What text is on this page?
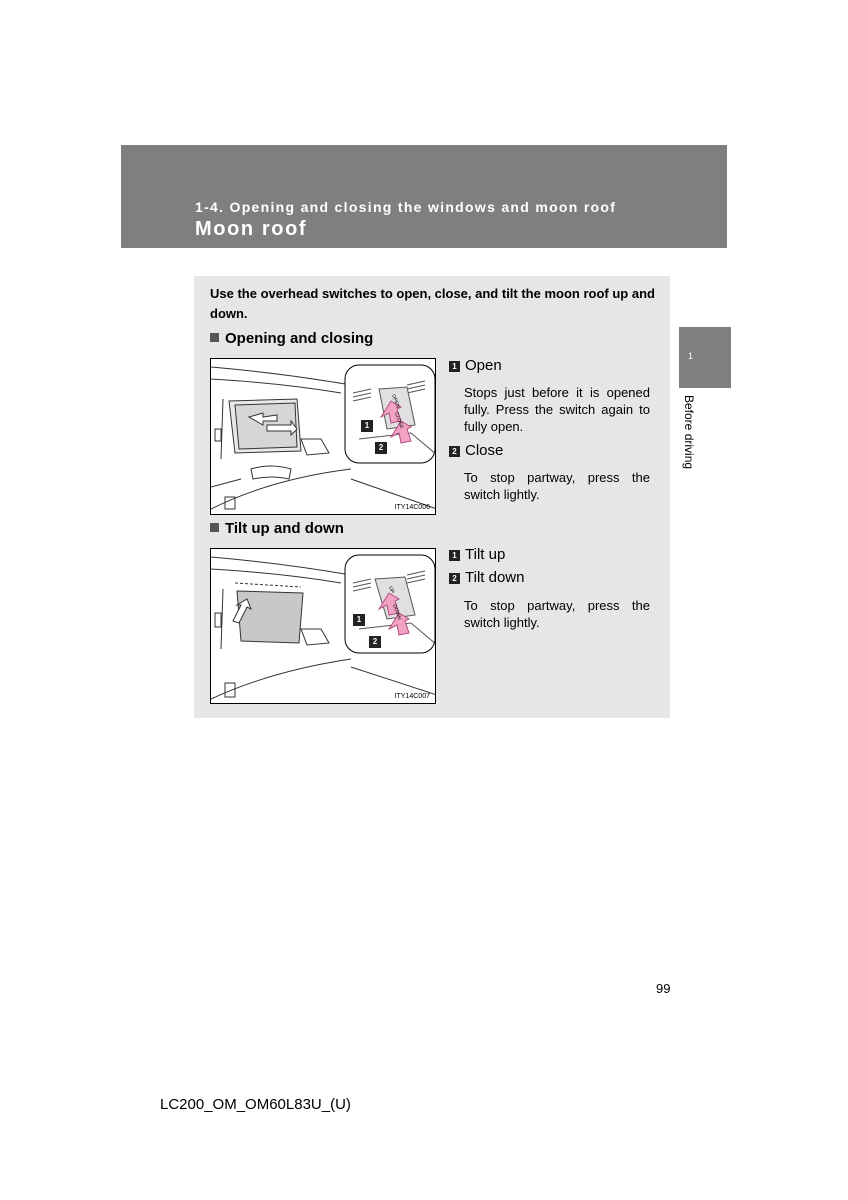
1-4. Opening and closing the windows and moon roof
Moon roof
1
Before driving
Use the overhead switches to open, close, and tilt the moon roof up and down.
Opening and closing
OPEN
CLOSE
1
2
ITY14C006
1 Open
Stops just before it is opened fully. Press the switch again to fully open.
2 Close
To stop partway, press the switch lightly.
Tilt up and down
UP
DOWN
1
2
ITY14C007
1 Tilt up
2 Tilt down
To stop partway, press the switch lightly.
99
LC200_OM_OM60L83U_(U)
